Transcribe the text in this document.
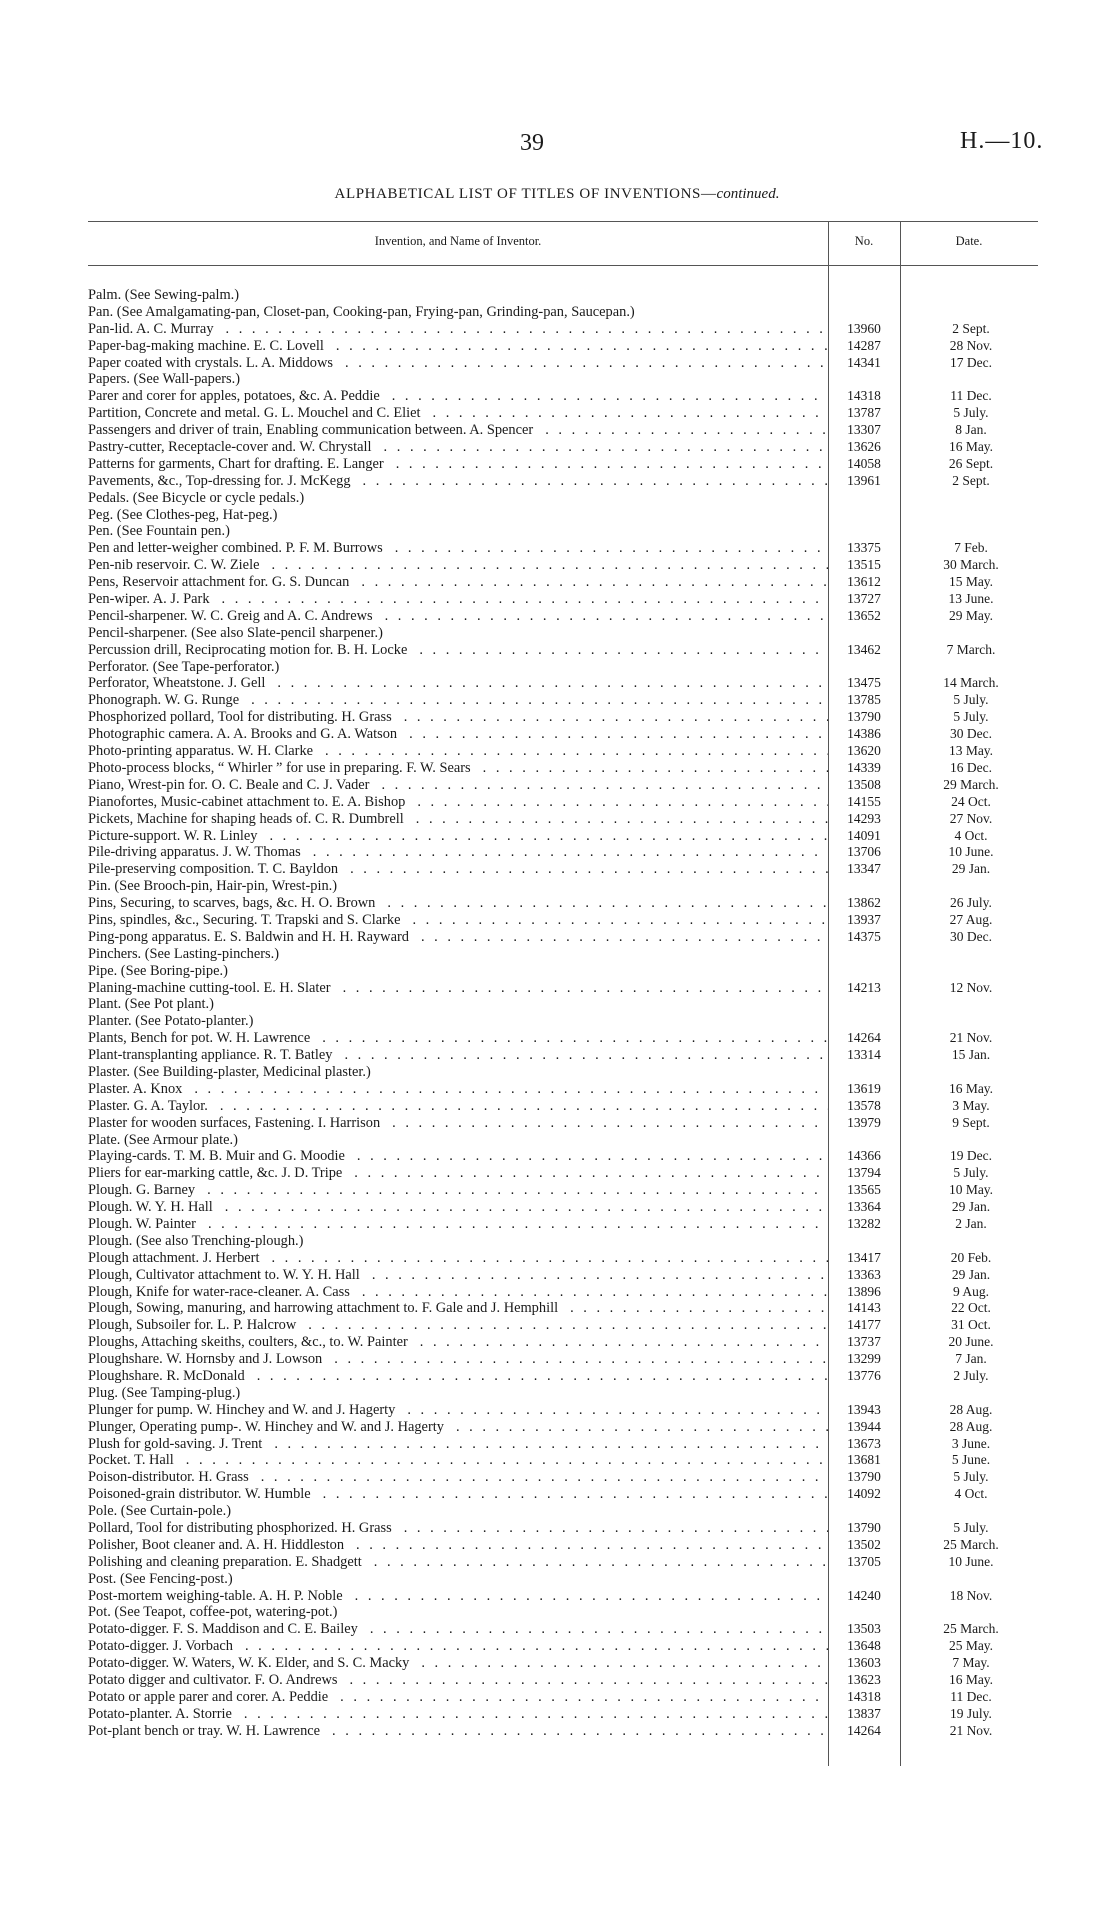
39	H.—10.
ALPHABETICAL LIST OF TITLES OF INVENTIONS—continued.
Invention, and Name of Inventor.	No.	Date.
Palm. (See Sewing-palm.)
Pan. (See Amalgamating-pan, Closet-pan, Cooking-pan, Frying-pan, Grinding-pan, Saucepan.)
Pan-lid. A. C. Murray . . .	13960	2 Sept.
Paper-bag-making machine. E. C. Lovell . . .	14287	28 Nov.
Paper coated with crystals. L. A. Middows . . .	14341	17 Dec.
Papers. (See Wall-papers.)
Parer and corer for apples, potatoes, &c. A. Peddie . . .	14318	11 Dec.
Partition, Concrete and metal. G. L. Mouchel and C. Eliet . . .	13787	5 July.
Passengers and driver of train, Enabling communication between. A. Spencer . . .	13307	8 Jan.
Pastry-cutter, Receptacle-cover and. W. Chrystall . . .	13626	16 May.
Patterns for garments, Chart for drafting. E. Langer . . .	14058	26 Sept.
Pavements, &c., Top-dressing for. J. McKegg . . .	13961	2 Sept.
Pedals. (See Bicycle or cycle pedals.)
Peg. (See Clothes-peg, Hat-peg.)
Pen. (See Fountain pen.)
Pen and letter-weigher combined. P. F. M. Burrows . . .	13375	7 Feb.
Pen-nib reservoir. C. W. Ziele . . .	13515	30 March.
Pens, Reservoir attachment for. G. S. Duncan . . .	13612	15 May.
Pen-wiper. A. J. Park . . .	13727	13 June.
Pencil-sharpener. W. C. Greig and A. C. Andrews . . .	13652	29 May.
Pencil-sharpener. (See also Slate-pencil sharpener.)
Percussion drill, Reciprocating motion for. B. H. Locke . . .	13462	7 March.
Perforator. (See Tape-perforator.)
Perforator, Wheatstone. J. Gell . . .	13475	14 March.
Phonograph. W. G. Runge . . .	13785	5 July.
Phosphorized pollard, Tool for distributing. H. Grass . . .	13790	5 July.
Photographic camera. A. A. Brooks and G. A. Watson . . .	14386	30 Dec.
Photo-printing apparatus. W. H. Clarke . . .	13620	13 May.
Photo-process blocks, “ Whirler ” for use in preparing. F. W. Sears . . .	14339	16 Dec.
Piano, Wrest-pin for. O. C. Beale and C. J. Vader . . .	13508	29 March.
Pianofortes, Music-cabinet attachment to. E. A. Bishop . . .	14155	24 Oct.
Pickets, Machine for shaping heads of. C. R. Dumbrell . . .	14293	27 Nov.
Picture-support. W. R. Linley . . .	14091	4 Oct.
Pile-driving apparatus. J. W. Thomas . . .	13706	10 June.
Pile-preserving composition. T. C. Bayldon . . .	13347	29 Jan.
Pin. (See Brooch-pin, Hair-pin, Wrest-pin.)
Pins, Securing, to scarves, bags, &c. H. O. Brown . . .	13862	26 July.
Pins, spindles, &c., Securing. T. Trapski and S. Clarke . . .	13937	27 Aug.
Ping-pong apparatus. E. S. Baldwin and H. H. Rayward . . .	14375	30 Dec.
Pinchers. (See Lasting-pinchers.)
Pipe. (See Boring-pipe.)
Planing-machine cutting-tool. E. H. Slater . . .	14213	12 Nov.
Plant. (See Pot plant.)
Planter. (See Potato-planter.)
Plants, Bench for pot. W. H. Lawrence . . .	14264	21 Nov.
Plant-transplanting appliance. R. T. Batley . . .	13314	15 Jan.
Plaster. (See Building-plaster, Medicinal plaster.)
Plaster. A. Knox . . .	13619	16 May.
Plaster. G. A. Taylor. . . .	13578	3 May.
Plaster for wooden surfaces, Fastening. I. Harrison . . .	13979	9 Sept.
Plate. (See Armour plate.)
Playing-cards. T. M. B. Muir and G. Moodie . . .	14366	19 Dec.
Pliers for ear-marking cattle, &c. J. D. Tripe . . .	13794	5 July.
Plough. G. Barney . . .	13565	10 May.
Plough. W. Y. H. Hall . . .	13364	29 Jan.
Plough. W. Painter . . .	13282	2 Jan.
Plough. (See also Trenching-plough.)
Plough attachment. J. Herbert . . .	13417	20 Feb.
Plough, Cultivator attachment to. W. Y. H. Hall . . .	13363	29 Jan.
Plough, Knife for water-race-cleaner. A. Cass . . .	13896	9 Aug.
Plough, Sowing, manuring, and harrowing attachment to. F. Gale and J. Hemphill . . .	14143	22 Oct.
Plough, Subsoiler for. L. P. Halcrow . . .	14177	31 Oct.
Ploughs, Attaching skeiths, coulters, &c., to. W. Painter . . .	13737	20 June.
Ploughshare. W. Hornsby and J. Lowson . . .	13299	7 Jan.
Ploughshare. R. McDonald . . .	13776	2 July.
Plug. (See Tamping-plug.)
Plunger for pump. W. Hinchey and W. and J. Hagerty . . .	13943	28 Aug.
Plunger, Operating pump-. W. Hinchey and W. and J. Hagerty . . .	13944	28 Aug.
Plush for gold-saving. J. Trent . . .	13673	3 June.
Pocket. T. Hall . . .	13681	5 June.
Poison-distributor. H. Grass . . .	13790	5 July.
Poisoned-grain distributor. W. Humble . . .	14092	4 Oct.
Pole. (See Curtain-pole.)
Pollard, Tool for distributing phosphorized. H. Grass . . .	13790	5 July.
Polisher, Boot cleaner and. A. H. Hiddleston . . .	13502	25 March.
Polishing and cleaning preparation. E. Shadgett . . .	13705	10 June.
Post. (See Fencing-post.)
Post-mortem weighing-table. A. H. P. Noble . . .	14240	18 Nov.
Pot. (See Teapot, coffee-pot, watering-pot.)
Potato-digger. F. S. Maddison and C. E. Bailey . . .	13503	25 March.
Potato-digger. J. Vorbach . . .	13648	25 May.
Potato-digger. W. Waters, W. K. Elder, and S. C. Macky . . .	13603	7 May.
Potato digger and cultivator. F. O. Andrews . . .	13623	16 May.
Potato or apple parer and corer. A. Peddie . . .	14318	11 Dec.
Potato-planter. A. Storrie . . .	13837	19 July.
Pot-plant bench or tray. W. H. Lawrence . . .	14264	21 Nov.
